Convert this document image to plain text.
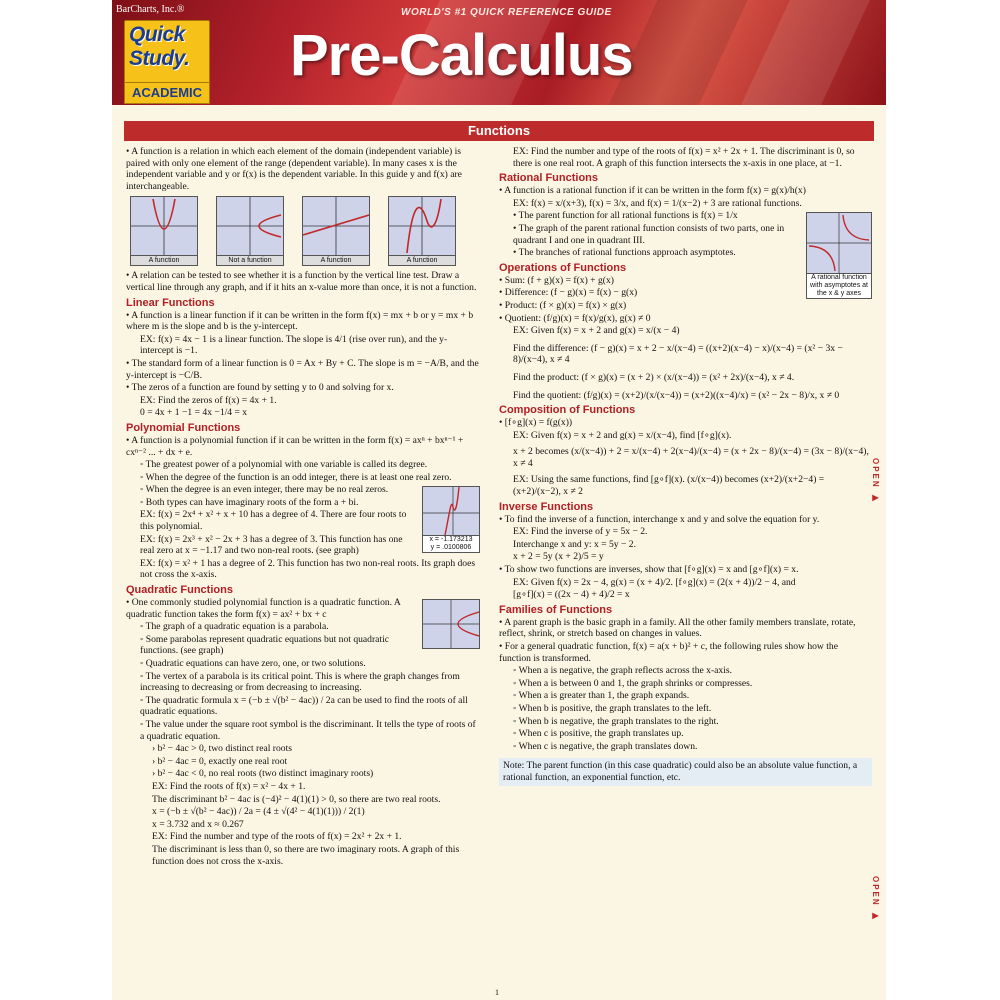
BarCharts, Inc.®
Quick
Study.
ACADEMIC
WORLD'S #1 QUICK REFERENCE GUIDE
Pre-Calculus
Functions

• A function is a relation in which each element of the domain (independent variable) is paired with only one element of the range (dependent variable). In many cases x is the independent variable and y or f(x) is the dependent variable. In this guide y and f(x) are interchangeable.

A function	Not a function	A function	A function

• A relation can be tested to see whether it is a function by the vertical line test. Draw a vertical line through any graph, and if it hits an x-value more than once, it is not a function.

Linear Functions

• A function is a linear function if it can be written in the form f(x) = mx + b or y = mx + b where m is the slope and b is the y-intercept.

EX: f(x) = 4x − 1 is a linear function. The slope is 4/1 (rise over run), and the y-intercept is −1.

• The standard form of a linear function is 0 = Ax + By + C. The slope is m = −A/B, and the y-intercept is −C/B.

• The zeros of a function are found by setting y to 0 and solving for x.

EX: Find the zeros of f(x) = 4x + 1.

0 = 4x + 1 −1 = 4x −1/4 = x

Polynomial Functions

• A function is a polynomial function if it can be written in the form f(x) = axⁿ + bxⁿ⁻¹ + cxⁿ⁻² ... + dx + e.

◦ The greatest power of a polynomial with one variable is called its degree.

◦ When the degree of the function is an odd integer, there is at least one real zero.

x = -1.173213
y = .0100806

◦ When the degree is an even integer, there may be no real zeros.

◦ Both types can have imaginary roots of the form a + bi.

EX: f(x) = 2x⁴ + x² + x + 10 has a degree of 4. There are four roots to this polynomial.

EX: f(x) = 2x³ + x² − 2x + 3 has a degree of 3. This function has one real zero at x = −1.17 and two non-real roots. (see graph)

EX: f(x) = x² + 1 has a degree of 2. This function has two non-real roots. Its graph does not cross the x-axis.

Quadratic Functions

• One commonly studied polynomial function is a quadratic function. A quadratic function takes the form f(x) = ax² + bx + c

◦ The graph of a quadratic equation is a parabola.

◦ Some parabolas represent quadratic equations but not quadratic functions. (see graph)

◦ Quadratic equations can have zero, one, or two solutions.

◦ The vertex of a parabola is its critical point. This is where the graph changes from increasing to decreasing or from decreasing to increasing.

◦ The quadratic formula x = (−b ± √(b² − 4ac)) / 2a can be used to find the roots of all quadratic equations.

◦ The value under the square root symbol is the discriminant. It tells the type of roots of a quadratic equation.

› b² − 4ac > 0, two distinct real roots

› b² − 4ac = 0, exactly one real root

› b² − 4ac < 0, no real roots (two distinct imaginary roots)

EX: Find the roots of f(x) = x² − 4x + 1.

The discriminant b² − 4ac is (−4)² − 4(1)(1) > 0, so there are two real roots.

x = (−b ± √(b² − 4ac)) / 2a = (4 ± √(4² − 4(1)(1))) / 2(1)

x = 3.732 and x ≈ 0.267

EX: Find the number and type of the roots of f(x) = 2x² + 2x + 1.

The discriminant is less than 0, so there are two imaginary roots. A graph of this function does not cross the x-axis.

EX: Find the number and type of the roots of f(x) = x² + 2x + 1. The discriminant is 0, so there is one real root. A graph of this function intersects the x-axis in one place, at −1.

Rational Functions

• A function is a rational function if it can be written in the form f(x) = g(x)/h(x)

EX: f(x) = x/(x+3), f(x) = 3/x, and f(x) = 1/(x−2) + 3 are rational functions.

A rational function with asymptotes at the x & y axes

• The parent function for all rational functions is f(x) = 1/x

• The graph of the parent rational function consists of two parts, one in quadrant I and one in quadrant III.

• The branches of rational functions approach asymptotes.

Operations of Functions

• Sum: (f + g)(x) = f(x) + g(x)

• Difference: (f − g)(x) = f(x) − g(x)

• Product: (f × g)(x) = f(x) × g(x)

• Quotient: (f/g)(x) = f(x)/g(x), g(x) ≠ 0

EX: Given f(x) = x + 2 and g(x) = x/(x − 4)

Find the difference: (f − g)(x) = x + 2 − x/(x−4) = ((x+2)(x−4) − x)/(x−4) = (x² − 3x − 8)/(x−4), x ≠ 4

Find the product: (f × g)(x) = (x + 2) × (x/(x−4)) = (x² + 2x)/(x−4), x ≠ 4.

Find the quotient: (f/g)(x) = (x+2)/(x/(x−4)) = (x+2)((x−4)/x) = (x² − 2x − 8)/x, x ≠ 0

Composition of Functions

• [f∘g](x) = f(g(x))

EX: Given f(x) = x + 2 and g(x) = x/(x−4), find [f∘g](x).

x + 2 becomes (x/(x−4)) + 2 = x/(x−4) + 2(x−4)/(x−4) = (x + 2x − 8)/(x−4) = (3x − 8)/(x−4), x ≠ 4

EX: Using the same functions, find [g∘f](x). (x/(x−4)) becomes (x+2)/(x+2−4) = (x+2)/(x−2), x ≠ 2

Inverse Functions

• To find the inverse of a function, interchange x and y and solve the equation for y.

EX: Find the inverse of y = 5x − 2.

Interchange x and y: x = 5y − 2.

x + 2 = 5y (x + 2)/5 = y

• To show two functions are inverses, show that [f∘g](x) = x and [g∘f](x) = x.

EX: Given f(x) = 2x − 4, g(x) = (x + 4)/2. [f∘g](x) = (2(x + 4))/2 − 4, and

[g∘f](x) = ((2x − 4) + 4)/2 = x

Families of Functions

• A parent graph is the basic graph in a family. All the other family members translate, rotate, reflect, shrink, or stretch based on changes in values.

• For a general quadratic function, f(x) = a(x + b)² + c, the following rules show how the function is transformed.

◦ When a is negative, the graph reflects across the x-axis.

◦ When a is between 0 and 1, the graph shrinks or compresses.

◦ When a is greater than 1, the graph expands.

◦ When b is positive, the graph translates to the left.

◦ When b is negative, the graph translates to the right.

◦ When c is positive, the graph translates up.

◦ When c is negative, the graph translates down.

Note: The parent function (in this case quadratic) could also be an absolute value function, a rational function, an exponential function, etc.
OPEN ▶
OPEN ▶
1
